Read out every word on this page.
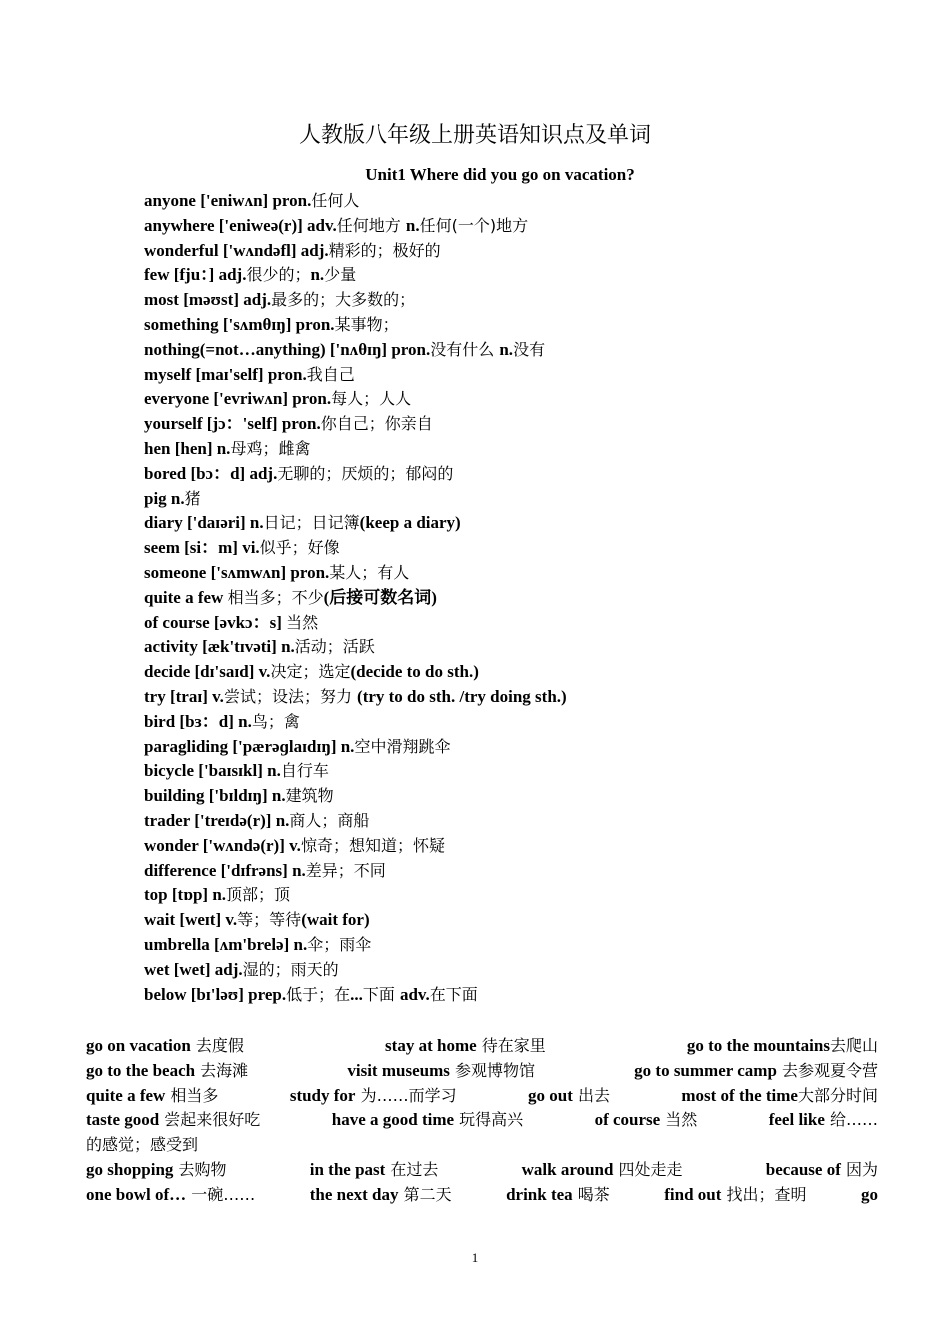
人教版八年级上册英语知识点及单词
Unit1 Where did you go on vacation?
anyone ['eniwʌn] pron.任何人
anywhere ['eniweə(r)] adv.任何地方 n.任何(一个)地方
wonderful ['wʌndəfl] adj.精彩的；极好的
few [fju：] adj.很少的；n.少量
most [məʊst] adj.最多的；大多数的；
something ['sʌmθɪŋ] pron.某事物；
nothing(=not…anything) ['nʌθɪŋ] pron.没有什么 n.没有
myself [maɪ'self] pron.我自己
everyone ['evriwʌn] pron.每人；人人
yourself [jɔ：'self] pron.你自己；你亲自
hen [hen] n.母鸡；雌禽
bored [bɔ：d] adj.无聊的；厌烦的；郁闷的
pig n.猪
diary ['daɪəri] n.日记；日记簿(keep a diary)
seem [si：m] vi.似乎；好像
someone ['sʌmwʌn] pron.某人；有人
quite a few 相当多；不少(后接可数名词)
of course [əvkɔ：s] 当然
activity [æk'tɪvəti] n.活动；活跃
decide [dɪ'saɪd] v.决定；选定(decide to do sth.)
try [traɪ] v.尝试；设法；努力 (try to do sth. /try doing sth.)
bird [bɜ：d] n.鸟；禽
paragliding ['pærəɡlaɪdɪŋ] n.空中滑翔跳伞
bicycle ['baɪsɪkl] n.自行车
building ['bɪldɪŋ] n.建筑物
trader ['treɪdə(r)] n.商人；商船
wonder ['wʌndə(r)] v.惊奇；想知道；怀疑
difference ['dɪfrəns] n.差异；不同
top [tɒp] n.顶部；顶
wait [weɪt] v.等；等待(wait for)
umbrella [ʌm'brelə] n.伞；雨伞
wet [wet] adj.湿的；雨天的
below [bɪ'ləʊ] prep.低于；在...下面 adv.在下面
go on vacation 去度假	stay at home 待在家里	go to the mountains去爬山
go to the beach 去海滩	visit museums 参观博物馆	go to summer camp 去参观夏令营
quite a few 相当多	study for 为……而学习	go out 出去	most of the time大部分时间
taste good 尝起来很好吃	have a good time 玩得高兴	of course 当然	feel like 给……
的感觉；感受到
go shopping 去购物	in the past 在过去	walk around 四处走走	because of 因为
one bowl of… 一碗……	the next day 第二天	drink tea 喝茶	find out 找出；查明	go
1
